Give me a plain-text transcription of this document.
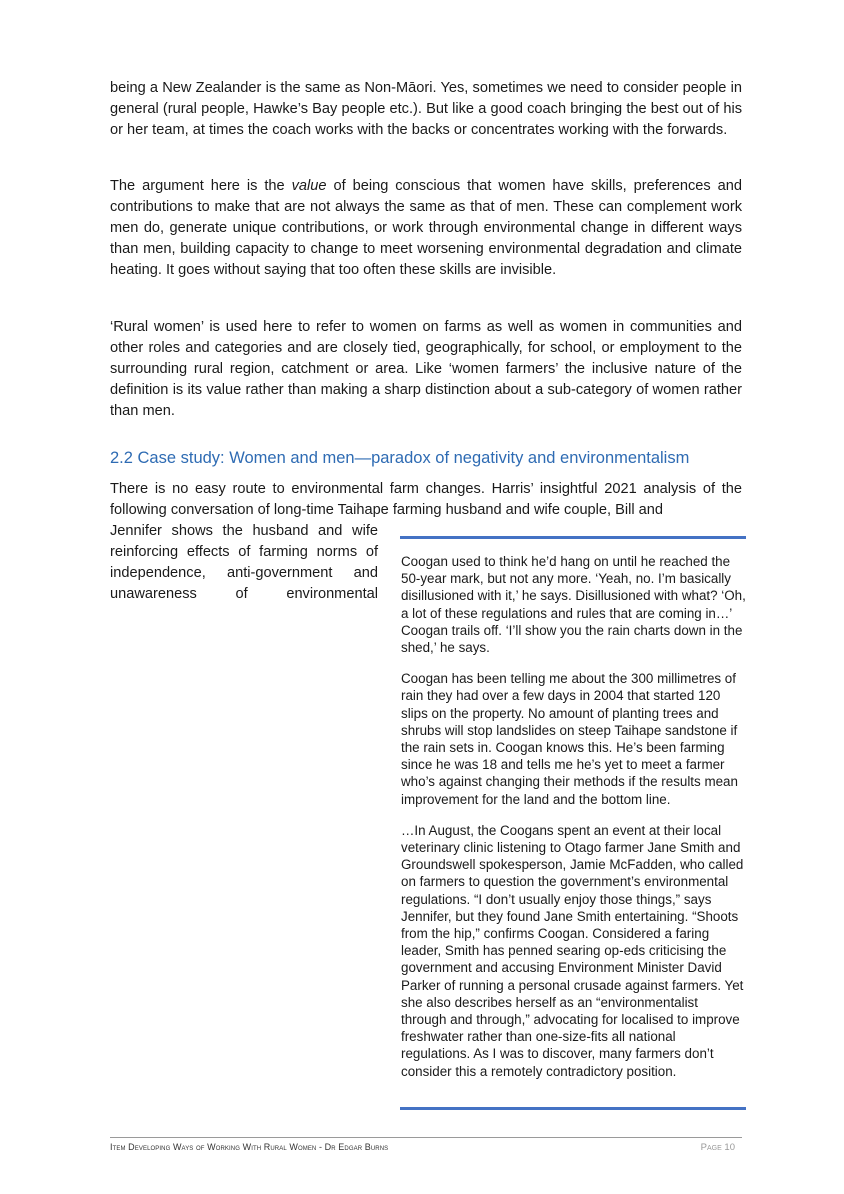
being a New Zealander is the same as Non-Māori. Yes, sometimes we need to consider people in general (rural people, Hawke’s Bay people etc.). But like a good coach bringing the best out of his or her team, at times the coach works with the backs or concentrates working with the forwards.

The argument here is the value of being conscious that women have skills, preferences and contributions to make that are not always the same as that of men. These can complement work men do, generate unique contributions, or work through environmental change in different ways than men, building capacity to change to meet worsening environmental degradation and climate heating. It goes without saying that too often these skills are invisible.

‘Rural women’ is used here to refer to women on farms as well as women in communities and other roles and categories and are closely tied, geographically, for school, or employment to the surrounding rural region, catchment or area. Like ‘women farmers’ the inclusive nature of the definition is its value rather than making a sharp distinction about a sub-category of women rather than men.

2.2 Case study: Women and men—paradox of negativity and environmentalism

There is no easy route to environmental farm changes. Harris’ insightful 2021 analysis of the following conversation of long-time Taihape farming husband and wife couple, Bill and

Jennifer shows the husband and wife reinforcing effects of farming norms of independence, anti-government and unawareness of environmental

Coogan used to think he’d hang on until he reached the 50-year mark, but not any more. ‘Yeah, no. I’m basically disillusioned with it,’ he says. Disillusioned with what? ‘Oh, a lot of these regulations and rules that are coming in…’ Coogan trails off. ‘I’ll show you the rain charts down in the shed,’ he says.

Coogan has been telling me about the 300 millimetres of rain they had over a few days in 2004 that started 120 slips on the property. No amount of planting trees and shrubs will stop landslides on steep Taihape sandstone if the rain sets in. Coogan knows this. He’s been farming since he was 18 and tells me he’s yet to meet a farmer who’s against changing their methods if the results mean improvement for the land and the bottom line.

…In August, the Coogans spent an event at their local veterinary clinic listening to Otago farmer Jane Smith and Groundswell spokesperson, Jamie McFadden, who called on farmers to question the government’s environmental regulations. “I don’t usually enjoy those things,” says Jennifer, but they found Jane Smith entertaining. “Shoots from the hip,” confirms Coogan. Considered a faring leader, Smith has penned searing op-eds criticising the government and accusing Environment Minister David Parker of running a personal crusade against farmers. Yet she also describes herself as an “environmentalist through and through,” advocating for localised to improve freshwater rather than one-size-fits all national regulations. As I was to discover, many farmers don’t consider this a remotely contradictory position.

Item Developing Ways of Working With Rural Women - Dr Edgar Burns	Page 10
